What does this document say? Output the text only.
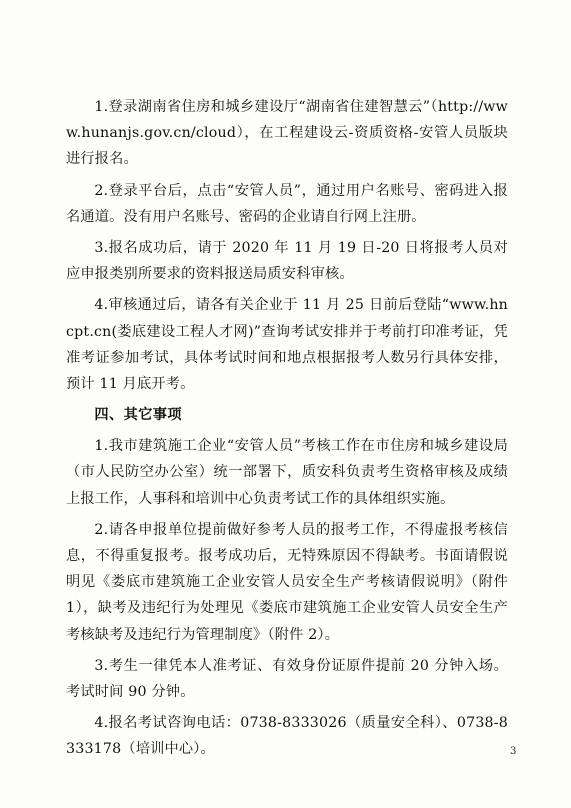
1.登录湖南省住房和城乡建设厅“湖南省住建智慧云”（http://www.hunanjs.gov.cn/cloud），在工程建设云-资质资格-安管人员版块进行报名。

2.登录平台后，点击“安管人员”，通过用户名账号、密码进入报名通道。没有用户名账号、密码的企业请自行网上注册。

3.报名成功后，请于 2020 年 11 月 19 日-20 日将报考人员对应申报类别所要求的资料报送局质安科审核。

4.审核通过后，请各有关企业于 11 月 25 日前后登陆“www.hncpt.cn(娄底建设工程人才网)”查询考试安排并于考前打印准考证，凭准考证参加考试，具体考试时间和地点根据报考人数另行具体安排，预计 11 月底开考。

四、其它事项

1.我市建筑施工企业“安管人员”考核工作在市住房和城乡建设局（市人民防空办公室）统一部署下，质安科负责考生资格审核及成绩上报工作，人事科和培训中心负责考试工作的具体组织实施。

2.请各申报单位提前做好参考人员的报考工作，不得虚报考核信息，不得重复报考。报考成功后，无特殊原因不得缺考。书面请假说明见《娄底市建筑施工企业安管人员安全生产考核请假说明》（附件 1），缺考及违纪行为处理见《娄底市建筑施工企业安管人员安全生产考核缺考及违纪行为管理制度》（附件 2）。

3.考生一律凭本人准考证、有效身份证原件提前 20 分钟入场。考试时间 90 分钟。

4.报名考试咨询电话：0738-8333026（质量安全科）、0738-8333178（培训中心）。	3
